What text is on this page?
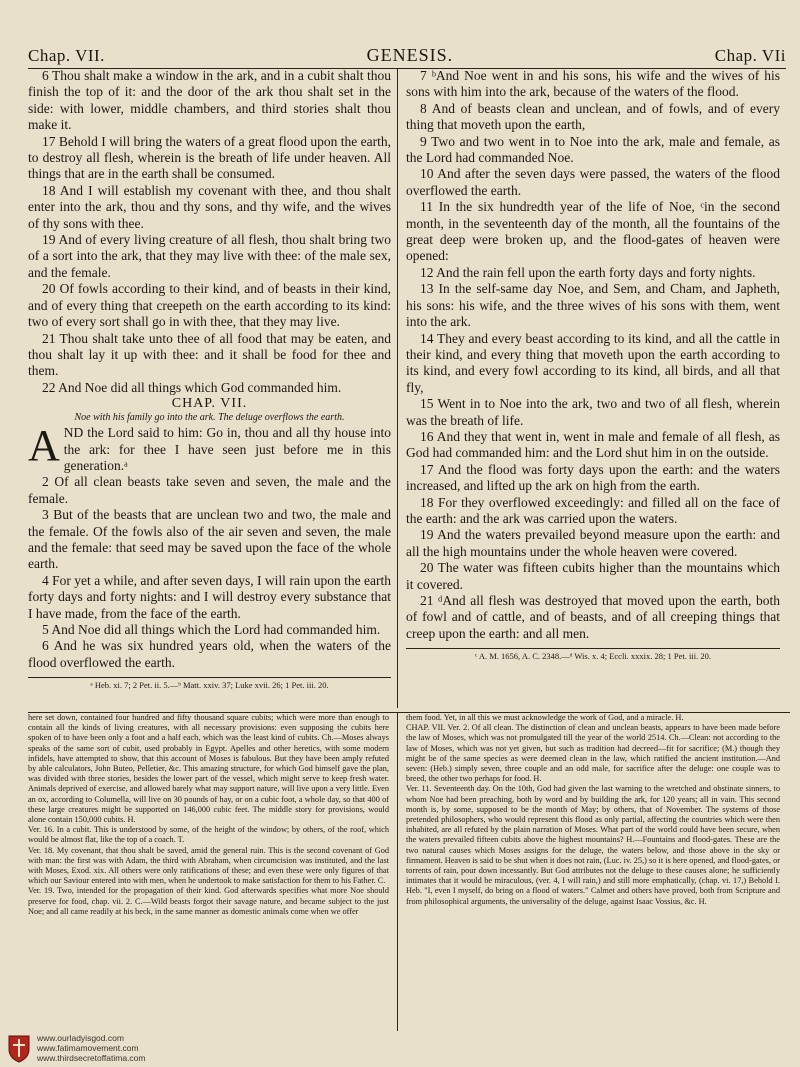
Chap. VII.	GENESIS.	Chap. VIi

6 Thou shalt make a window in the ark, and in a cubit shalt thou finish the top of it: and the door of the ark thou shalt set in the side: with lower, middle chambers, and third stories shalt thou make it.

17 Behold I will bring the waters of a great flood upon the earth, to destroy all flesh, wherein is the breath of life under heaven. All things that are in the earth shall be consumed.

18 And I will establish my covenant with thee, and thou shalt enter into the ark, thou and thy sons, and thy wife, and the wives of thy sons with thee.

19 And of every living creature of all flesh, thou shalt bring two of a sort into the ark, that they may live with thee: of the male sex, and the female.

20 Of fowls according to their kind, and of beasts in their kind, and of every thing that creepeth on the earth according to its kind: two of every sort shall go in with thee, that they may live.

21 Thou shalt take unto thee of all food that may be eaten, and thou shalt lay it up with thee: and it shall be food for thee and them.

22 And Noe did all things which God commanded him.

CHAP. VII.

Noe with his family go into the ark. The deluge overflows the earth.

AND the Lord said to him: Go in, thou and all thy house into the ark: for thee I have seen just before me in this generation.ᵃ

2 Of all clean beasts take seven and seven, the male and the female.

3 But of the beasts that are unclean two and two, the male and the female. Of the fowls also of the air seven and seven, the male and the female: that seed may be saved upon the face of the whole earth.

4 For yet a while, and after seven days, I will rain upon the earth forty days and forty nights: and I will destroy every substance that I have made, from the face of the earth.

5 And Noe did all things which the Lord had commanded him.

6 And he was six hundred years old, when the waters of the flood overflowed the earth.

ᵃ Heb. xi. 7; 2 Pet. ii. 5.—ᵇ Matt. xxiv. 37; Luke xvii. 26; 1 Pet. iii. 20.

7 ᵇAnd Noe went in and his sons, his wife and the wives of his sons with him into the ark, because of the waters of the flood.

8 And of beasts clean and unclean, and of fowls, and of every thing that moveth upon the earth,

9 Two and two went in to Noe into the ark, male and female, as the Lord had commanded Noe.

10 And after the seven days were passed, the waters of the flood overflowed the earth.

11 In the six hundredth year of the life of Noe, ᶜin the second month, in the seventeenth day of the month, all the fountains of the great deep were broken up, and the flood-gates of heaven were opened:

12 And the rain fell upon the earth forty days and forty nights.

13 In the self-same day Noe, and Sem, and Cham, and Japheth, his sons: his wife, and the three wives of his sons with them, went into the ark.

14 They and every beast according to its kind, and all the cattle in their kind, and every thing that moveth upon the earth according to its kind, and every fowl according to its kind, all birds, and all that fly,

15 Went in to Noe into the ark, two and two of all flesh, wherein was the breath of life.

16 And they that went in, went in male and female of all flesh, as God had commanded him: and the Lord shut him in on the outside.

17 And the flood was forty days upon the earth: and the waters increased, and lifted up the ark on high from the earth.

18 For they overflowed exceedingly: and filled all on the face of the earth: and the ark was carried upon the waters.

19 And the waters prevailed beyond measure upon the earth: and all the high mountains under the whole heaven were covered.

20 The water was fifteen cubits higher than the mountains which it covered.

21 ᵈAnd all flesh was destroyed that moved upon the earth, both of fowl and of cattle, and of beasts, and of all creeping things that creep upon the earth: and all men.

ᶜ A. M. 1656, A. C. 2348.—ᵈ Wis. x. 4; Eccli. xxxix. 28; 1 Pet. iii. 20.

here set down, contained four hundred and fifty thousand square cubits; which were more than enough to contain all the kinds of living creatures, with all necessary provisions: even supposing the cubits here spoken of to have been only a foot and a half each, which was the least kind of cubits. Ch.—Moses always speaks of the same sort of cubit, used probably in Egypt. Apelles and other heretics, with some modern infidels, have attempted to show, that this account of Moses is fabulous. But they have been amply refuted by able calculators, John Buteo, Pelletier, &c. This amazing structure, for which God himself gave the plan, was divided with three stories, besides the lower part of the vessel, which might serve to keep fresh water. Animals deprived of exercise, and allowed barely what may support nature, will live upon a very little. Even an ox, according to Columella, will live on 30 pounds of hay, or on a cubic foot, a whole day, so that 400 of these large creatures might be supported on 146,000 cubic feet. The middle story for provisions, would alone contain 150,000 cubits. H.

Ver. 16. In a cubit. This is understood by some, of the height of the window; by others, of the roof, which would be almost flat, like the top of a coach. T.

Ver. 18. My covenant, that thou shalt be saved, amid the general ruin. This is the second covenant of God with man: the first was with Adam, the third with Abraham, when circumcision was instituted, and the last with Moses, Exod. xix. All others were only ratifications of these; and even these were only figures of that which our Saviour entered into with men, when he undertook to make satisfaction for them to his Father. C.

Ver. 19. Two, intended for the propagation of their kind. God afterwards specifies what more Noe should preserve for food, chap. vii. 2. C.—Wild beasts forgot their savage nature, and became subject to the just Noe; and all came readily at his beck, in the same manner as domestic animals come when we offer

them food. Yet, in all this we must acknowledge the work of God, and a miracle. H.

CHAP. VII. Ver. 2. Of all clean. The distinction of clean and unclean beasts, appears to have been made before the law of Moses, which was not promulgated till the year of the world 2514. Ch.—Clean: not according to the law of Moses, which was not yet given, but such as tradition had decreed—fit for sacrifice; (M.) though they might be of the same species as were deemed clean in the law, which ratified the ancient institution.—And seven: (Heb.) simply seven, three couple and an odd male, for sacrifice after the deluge: one couple was to breed, the other two perhaps for food. H.

Ver. 11. Seventeenth day. On the 10th, God had given the last warning to the wretched and obstinate sinners, to whom Noe had been preaching, both by word and by building the ark, for 120 years; all in vain. This second month is, by some, supposed to be the month of May; by others, that of November. The systems of those pretended philosophers, who would represent this flood as only partial, affecting the countries which were then inhabited, are all refuted by the plain narration of Moses. What part of the world could have been secure, when the waters prevailed fifteen cubits above the highest mountains? H.—Fountains and flood-gates. These are the two natural causes which Moses assigns for the deluge, the waters below, and those above in the sky or firmament. Heaven is said to be shut when it does not rain, (Luc. iv. 25,) so it is here opened, and flood-gates, or torrents of rain, pour down incessantly. But God attributes not the deluge to these causes alone; he sufficiently intimates that it would be miraculous, (ver. 4, I will rain,) and still more emphatically, (chap. vi. 17,) Behold I. Heb. "I, even I myself, do bring on a flood of waters." Calmet and others have proved, both from Scripture and from philosophical arguments, the universality of the deluge, against Isaac Vossius, &c. H.

www.ourladyisgod.com
www.fatimamovement.com
www.thirdsecretoffatima.com
